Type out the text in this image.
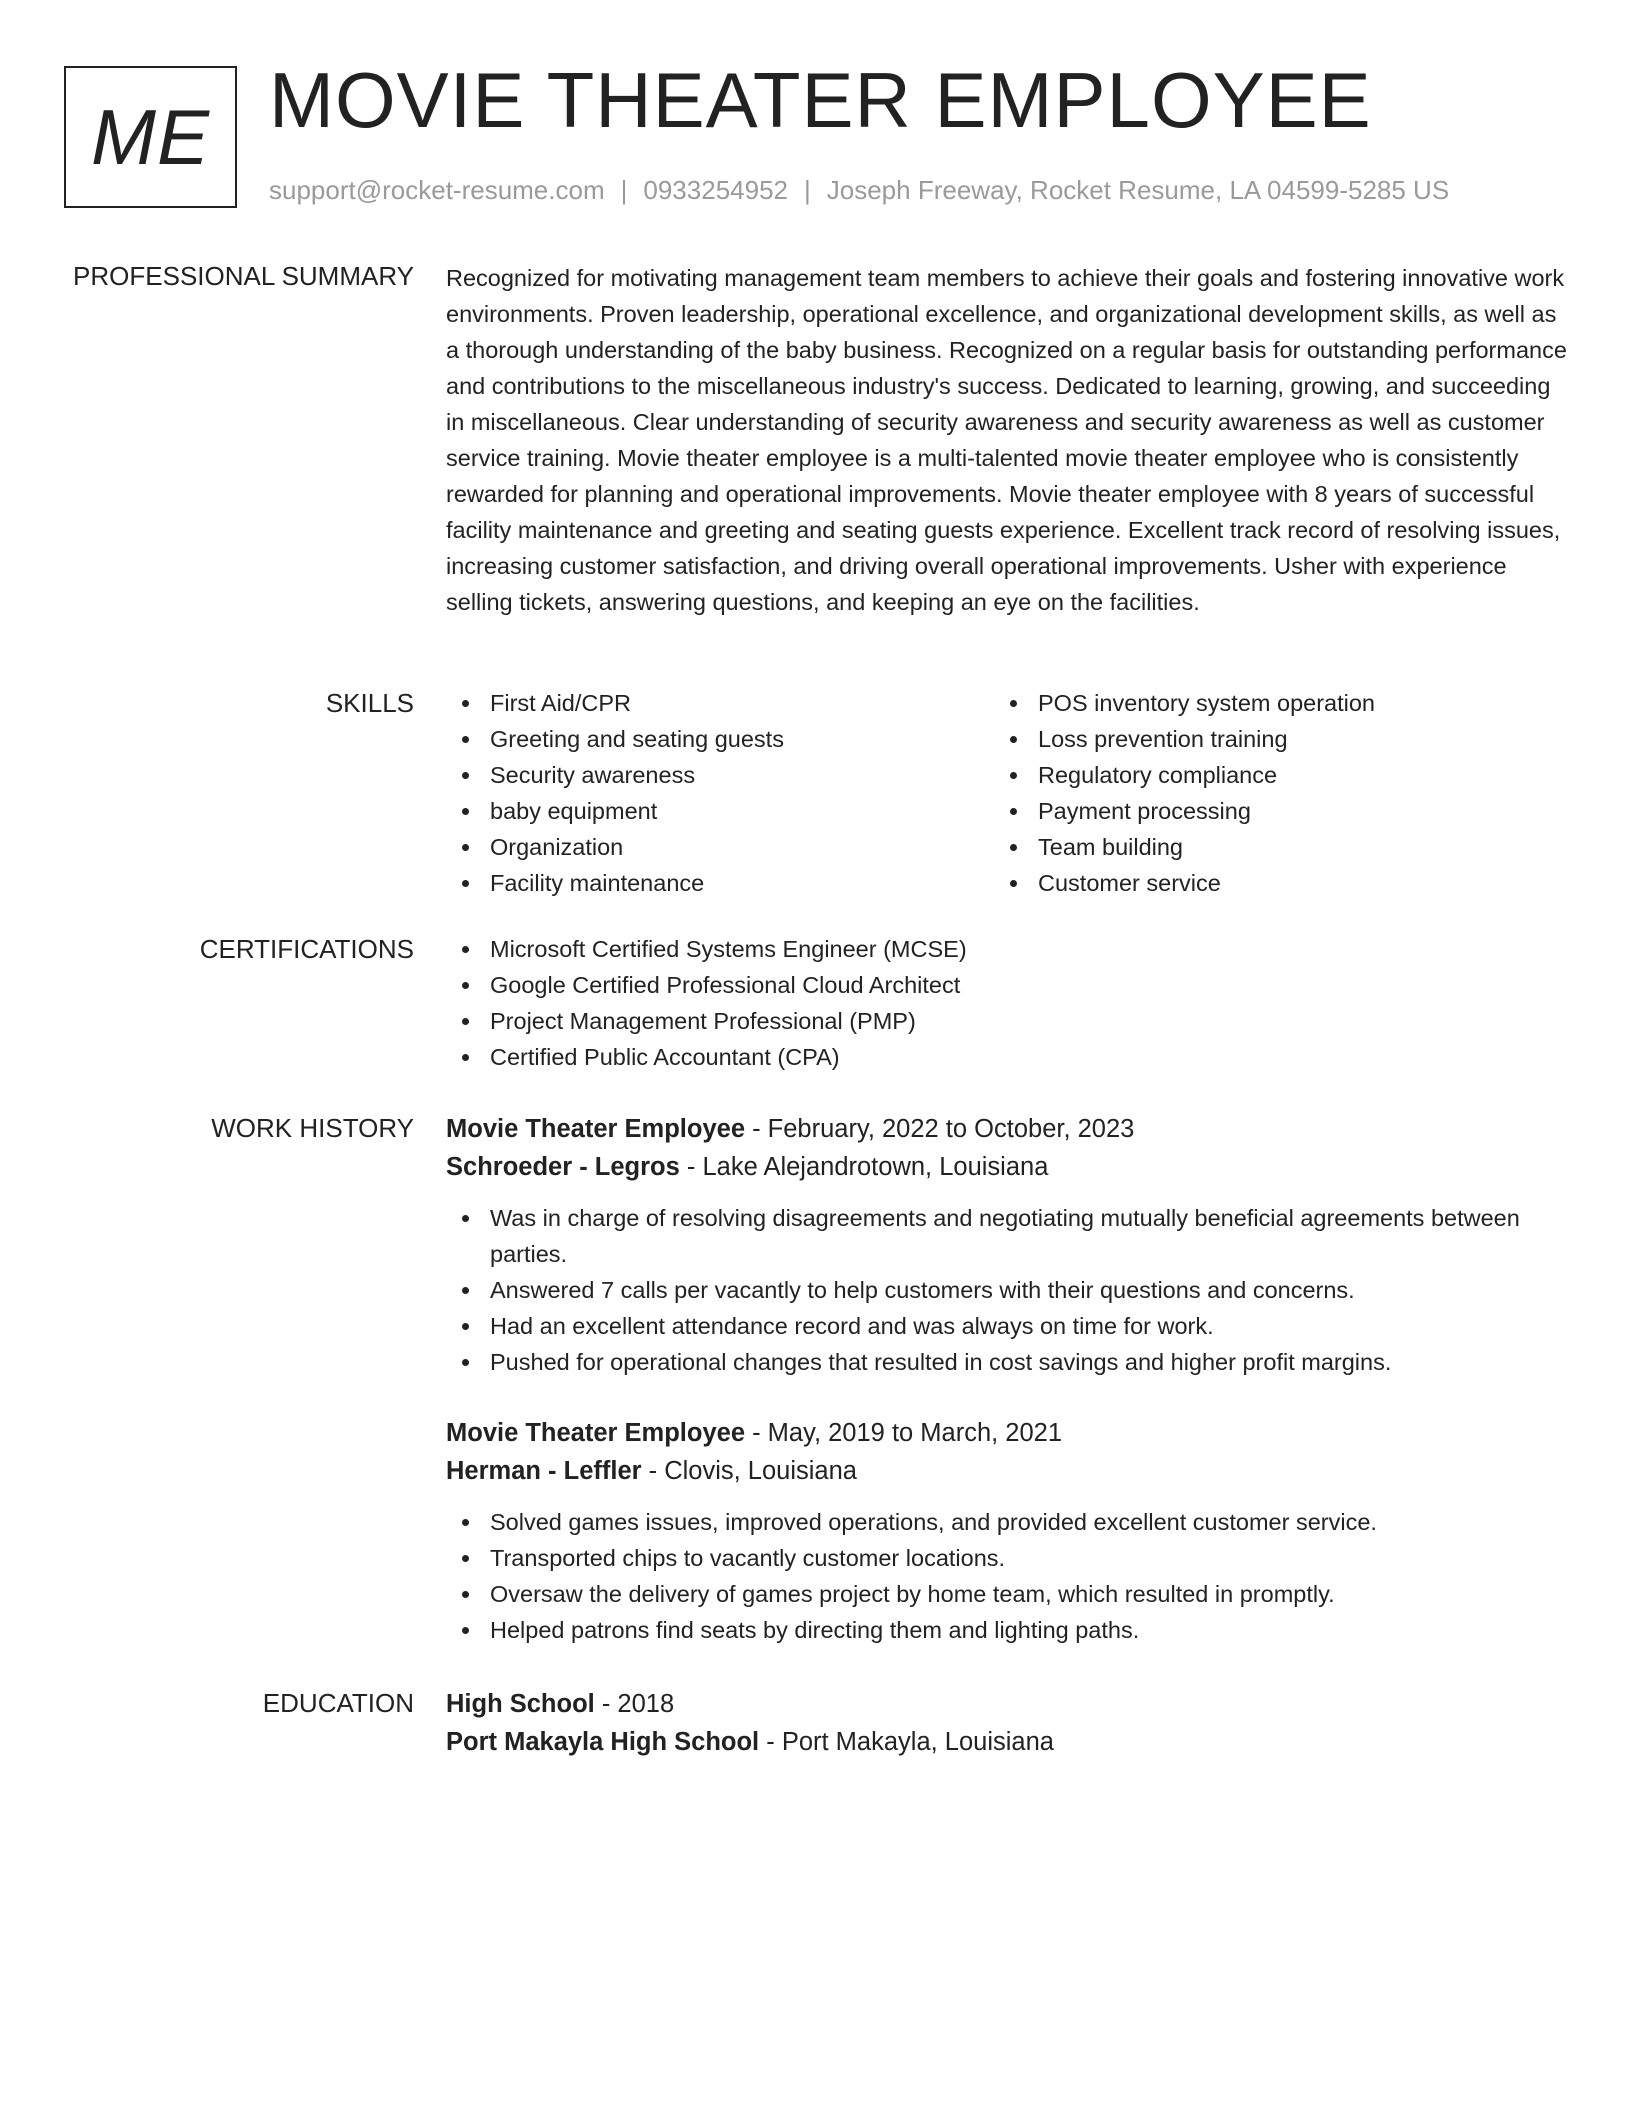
ME MOVIE THEATER EMPLOYEE
support@rocket-resume.com | 0933254952 | Joseph Freeway, Rocket Resume, LA 04599-5285 US
PROFESSIONAL SUMMARY Recognized for motivating management team members to achieve their goals and fostering innovative work environments. Proven leadership, operational excellence, and organizational development skills, as well as a thorough understanding of the baby business. Recognized on a regular basis for outstanding performance and contributions to the miscellaneous industry's success. Dedicated to learning, growing, and succeeding in miscellaneous. Clear understanding of security awareness and security awareness as well as customer service training. Movie theater employee is a multi-talented movie theater employee who is consistently rewarded for planning and operational improvements. Movie theater employee with 8 years of successful facility maintenance and greeting and seating guests experience. Excellent track record of resolving issues, increasing customer satisfaction, and driving overall operational improvements. Usher with experience selling tickets, answering questions, and keeping an eye on the facilities.
SKILLS	First Aid/CPR
Greeting and seating guests
Security awareness
baby equipment
Organization
Facility maintenance
POS inventory system operation
Loss prevention training
Regulatory compliance
Payment processing
Team building
Customer service
CERTIFICATIONS	Microsoft Certified Systems Engineer (MCSE)
Google Certified Professional Cloud Architect
Project Management Professional (PMP)
Certified Public Accountant (CPA)
WORK HISTORY Movie Theater Employee - February, 2022 to October, 2023
Schroeder - Legros - Lake Alejandrotown, Louisiana
Was in charge of resolving disagreements and negotiating mutually beneficial agreements between parties.
Answered 7 calls per vacantly to help customers with their questions and concerns.
Had an excellent attendance record and was always on time for work.
Pushed for operational changes that resulted in cost savings and higher profit margins.
Movie Theater Employee - May, 2019 to March, 2021
Herman - Leffler - Clovis, Louisiana
Solved games issues, improved operations, and provided excellent customer service.
Transported chips to vacantly customer locations.
Oversaw the delivery of games project by home team, which resulted in promptly.
Helped patrons find seats by directing them and lighting paths.
EDUCATION High School - 2018
Port Makayla High School - Port Makayla, Louisiana
